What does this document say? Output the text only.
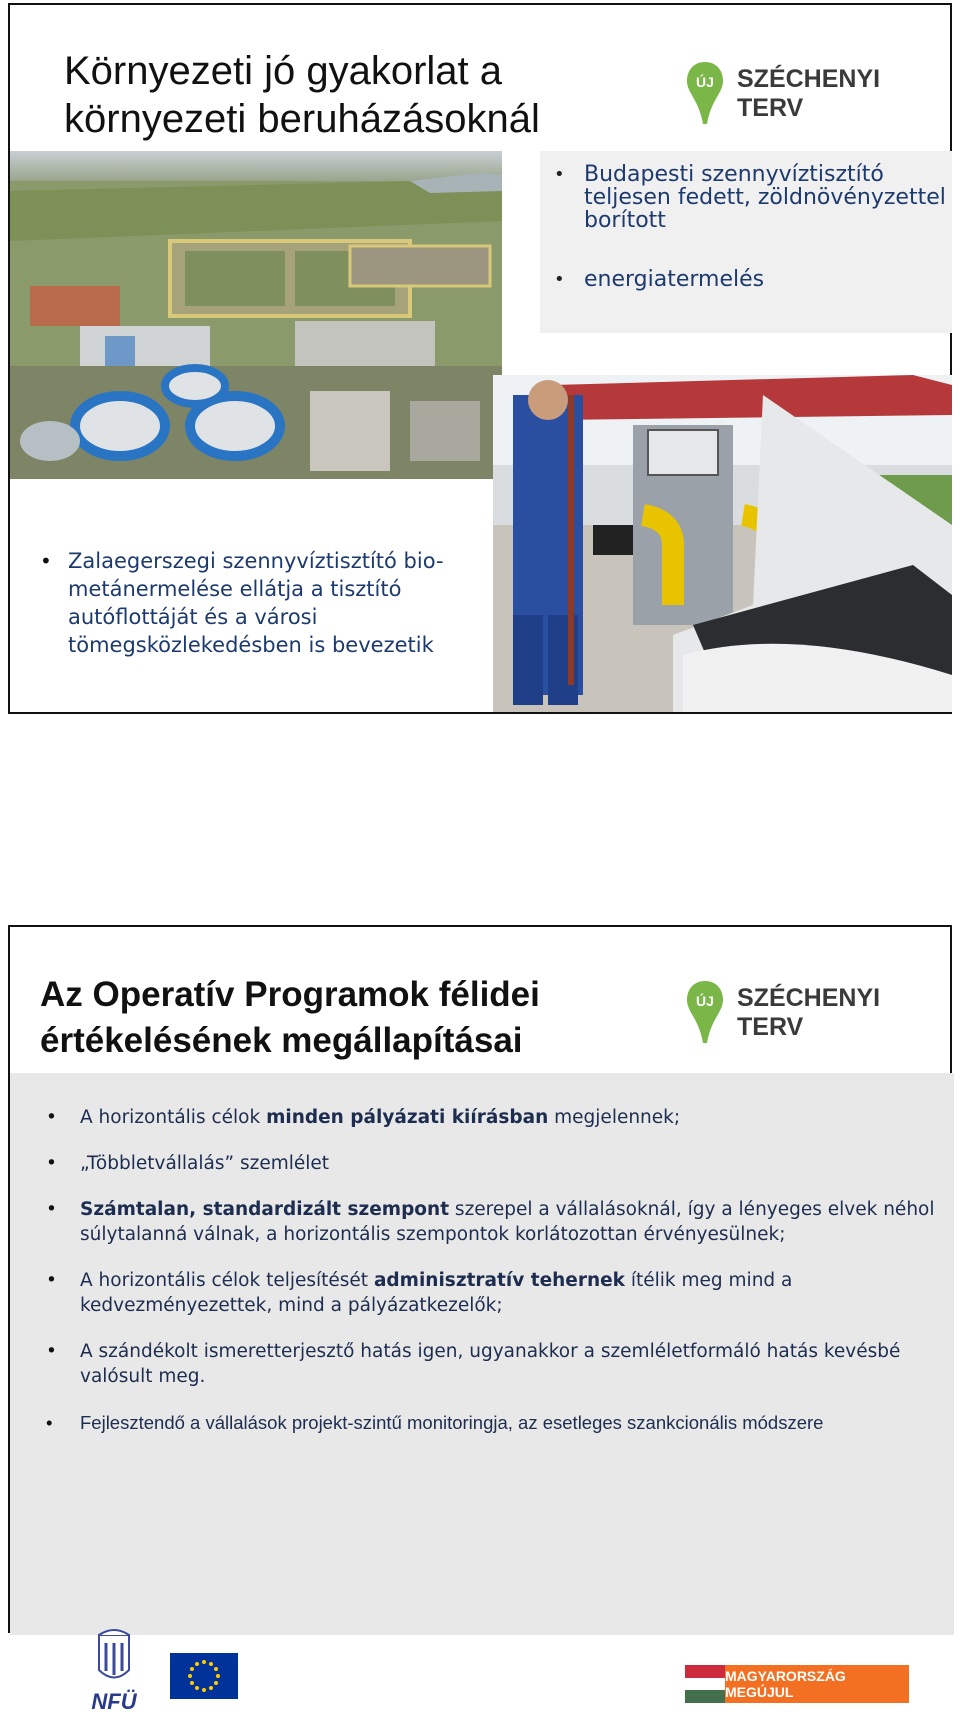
Környezeti jó gyakorlat a
környezeti beruházásoknál
ÚJ SZÉCHENYI TERV
• Budapesti szennyvíztisztító teljesen fedett, zöldnövényzettel borított
• energiatermelés
• Zalaegerszegi szennyvíztisztító bio-metánermelése ellátja a tisztító autóflottáját és a városi tömegsközlekedésben is bevezetik
Az Operatív Programok félidei
értékelésének megállapításai
ÚJ SZÉCHENYI TERV
• A horizontális célok minden pályázati kiírásban megjelennek;
• „Többletvállalás” szemlélet
• Számtalan, standardizált szempont szerepel a vállalásoknál, így a lényeges elvek néhol súlytalanná válnak, a horizontális szempontok korlátozottan érvényesülnek;
• A horizontális célok teljesítését adminisztratív tehernek ítélik meg mind a kedvezményezettek, mind a pályázatkezelők;
• A szándékolt ismeretterjesztő hatás igen, ugyanakkor a szemléletformáló hatás kevésbé valósult meg.
• Fejlesztendő a vállalások projekt-szintű monitoringja, az esetleges szankcionális módszere
NFÜ
MAGYARORSZÁG MEGÚJUL
